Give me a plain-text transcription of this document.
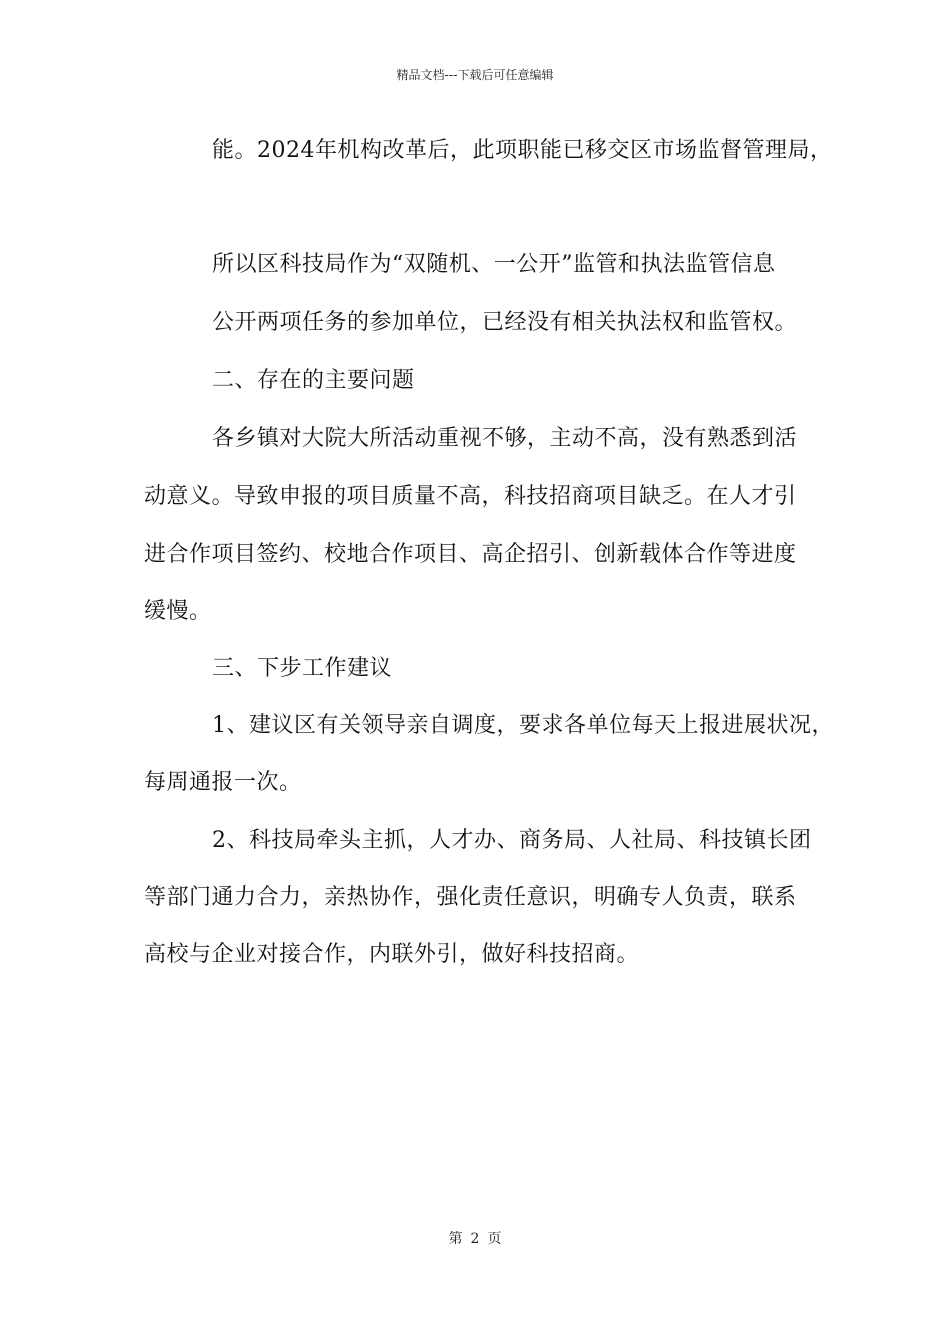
精品文档---下载后可任意编辑
能。2024年机构改革后，此项职能已移交区市场监督管理局，
所以区科技局作为“双随机、一公开”监管和执法监管信息
公开两项任务的参加单位，已经没有相关执法权和监管权。
二、存在的主要问题
各乡镇对大院大所活动重视不够，主动不高，没有熟悉到活
动意义。导致申报的项目质量不高，科技招商项目缺乏。在人才引
进合作项目签约、校地合作项目、高企招引、创新载体合作等进度
缓慢。
三、下步工作建议
1、建议区有关领导亲自调度，要求各单位每天上报进展状况，
每周通报一次。
2、科技局牵头主抓，人才办、商务局、人社局、科技镇长团
等部门通力合力，亲热协作，强化责任意识，明确专人负责，联系
高校与企业对接合作，内联外引，做好科技招商。
第 2 页
